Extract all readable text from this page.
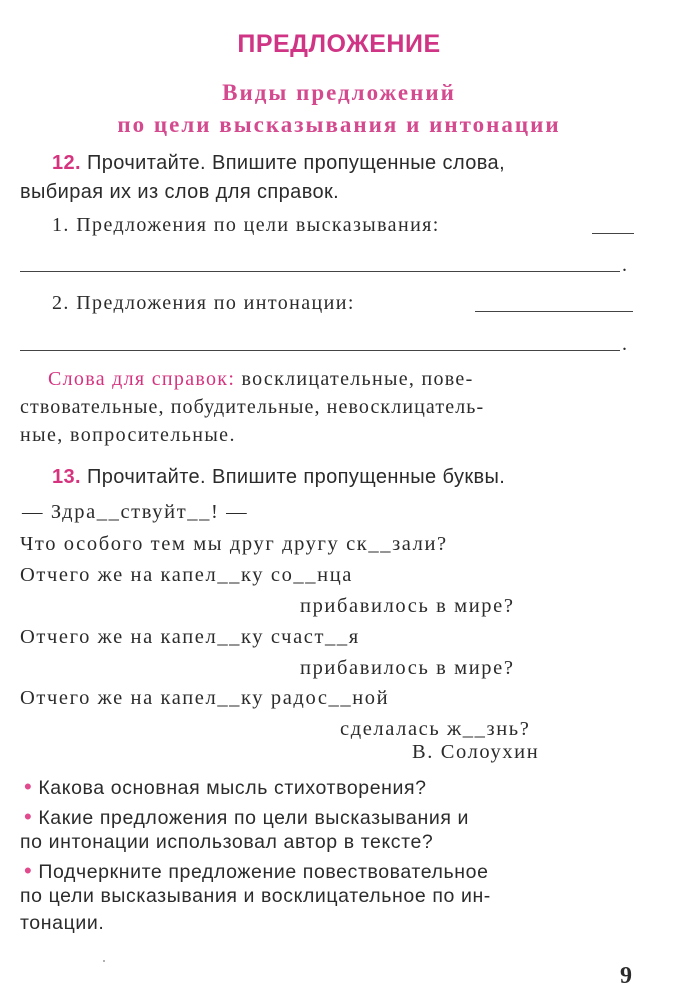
ПРЕДЛОЖЕНИЕ
Виды предложений
по цели высказывания и интонации
12. Прочитайте. Впишите пропущенные слова,
выбирая их из слов для справок.
1. Предложения по цели высказывания:
.
2. Предложения по интонации:
.
Слова для справок: восклицательные, пове-
ствовательные, побудительные, невосклицатель-
ные, вопросительные.
13. Прочитайте. Впишите пропущенные буквы.
— Здра__ствуйт__! —
Что особого тем мы друг другу ск__зали?
Отчего же на капел__ку со__нца
прибавилось в мире?
Отчего же на капел__ку счаст__я
прибавилось в мире?
Отчего же на капел__ку радос__ной
сделалась ж__знь?
В. Солоухин
• Какова основная мысль стихотворения?
• Какие предложения по цели высказывания и
по интонации использовал автор в тексте?
• Подчеркните предложение повествовательное
по цели высказывания и восклицательное по ин-
тонации.
9
